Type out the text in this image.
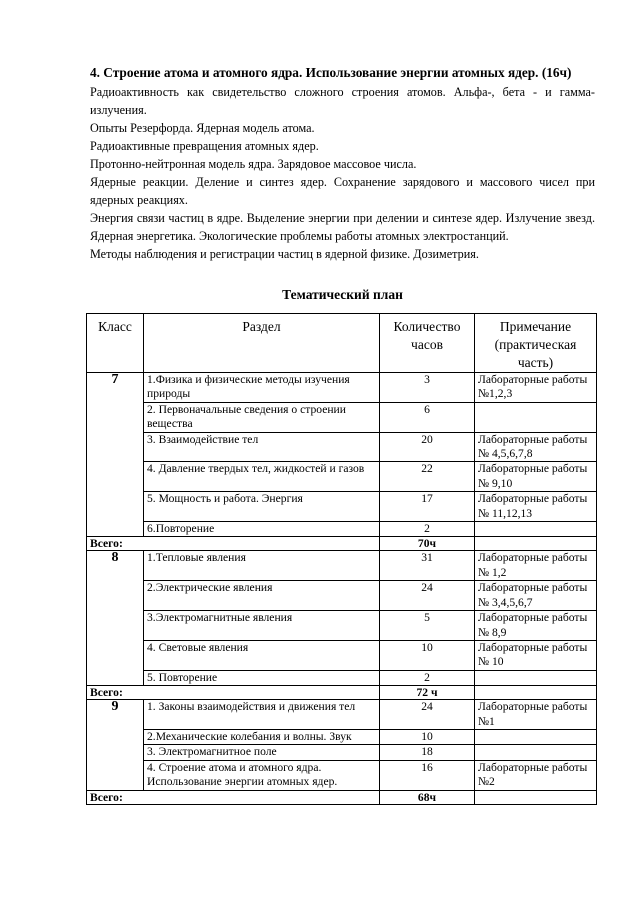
4. Строение атома и атомного ядра. Использование энергии атомных ядер. (16ч)

Радиоактивность как свидетельство сложного строения атомов. Альфа-, бета - и гамма-излучения.

Опыты Резерфорда. Ядерная модель атома.

Радиоактивные превращения атомных ядер.

Протонно-нейтронная модель ядра. Зарядовое массовое числа.

Ядерные реакции. Деление и синтез ядер. Сохранение зарядового и массового чисел при ядерных реакциях.

Энергия связи частиц в ядре. Выделение энергии при делении и синтезе ядер. Излучение звезд. Ядерная энергетика. Экологические проблемы работы атомных электростанций.

Методы наблюдения и регистрации частиц в ядерной физике. Дозиметрия.

Тематический план
Класс	Раздел	Количество часов	Примечание (практическая часть)
7	1.Физика и физические методы изучения природы	3	Лабораторные работы №1,2,3
	2. Первоначальные сведения о строении вещества	6	
	3. Взаимодействие тел	20	Лабораторные работы № 4,5,6,7,8
	4. Давление твердых тел, жидкостей и газов	22	Лабораторные работы № 9,10
	5. Мощность и работа. Энергия	17	Лабораторные работы № 11,12,13
	6.Повторение	2	
Всего:		70ч	
8	1.Тепловые явления	31	Лабораторные работы № 1,2
	2.Электрические явления	24	Лабораторные работы № 3,4,5,6,7
	3.Электромагнитные явления	5	Лабораторные работы № 8,9
	4. Световые явления	10	Лабораторные работы № 10
	5. Повторение	2	
Всего:		72 ч	
9	1. Законы взаимодействия и движения тел	24	Лабораторные работы №1
	2.Механические колебания и волны. Звук	10	
	3. Электромагнитное поле	18	
	4. Строение атома и атомного ядра. Использование энергии атомных ядер.	16	Лабораторные работы №2
Всего:		68ч	
